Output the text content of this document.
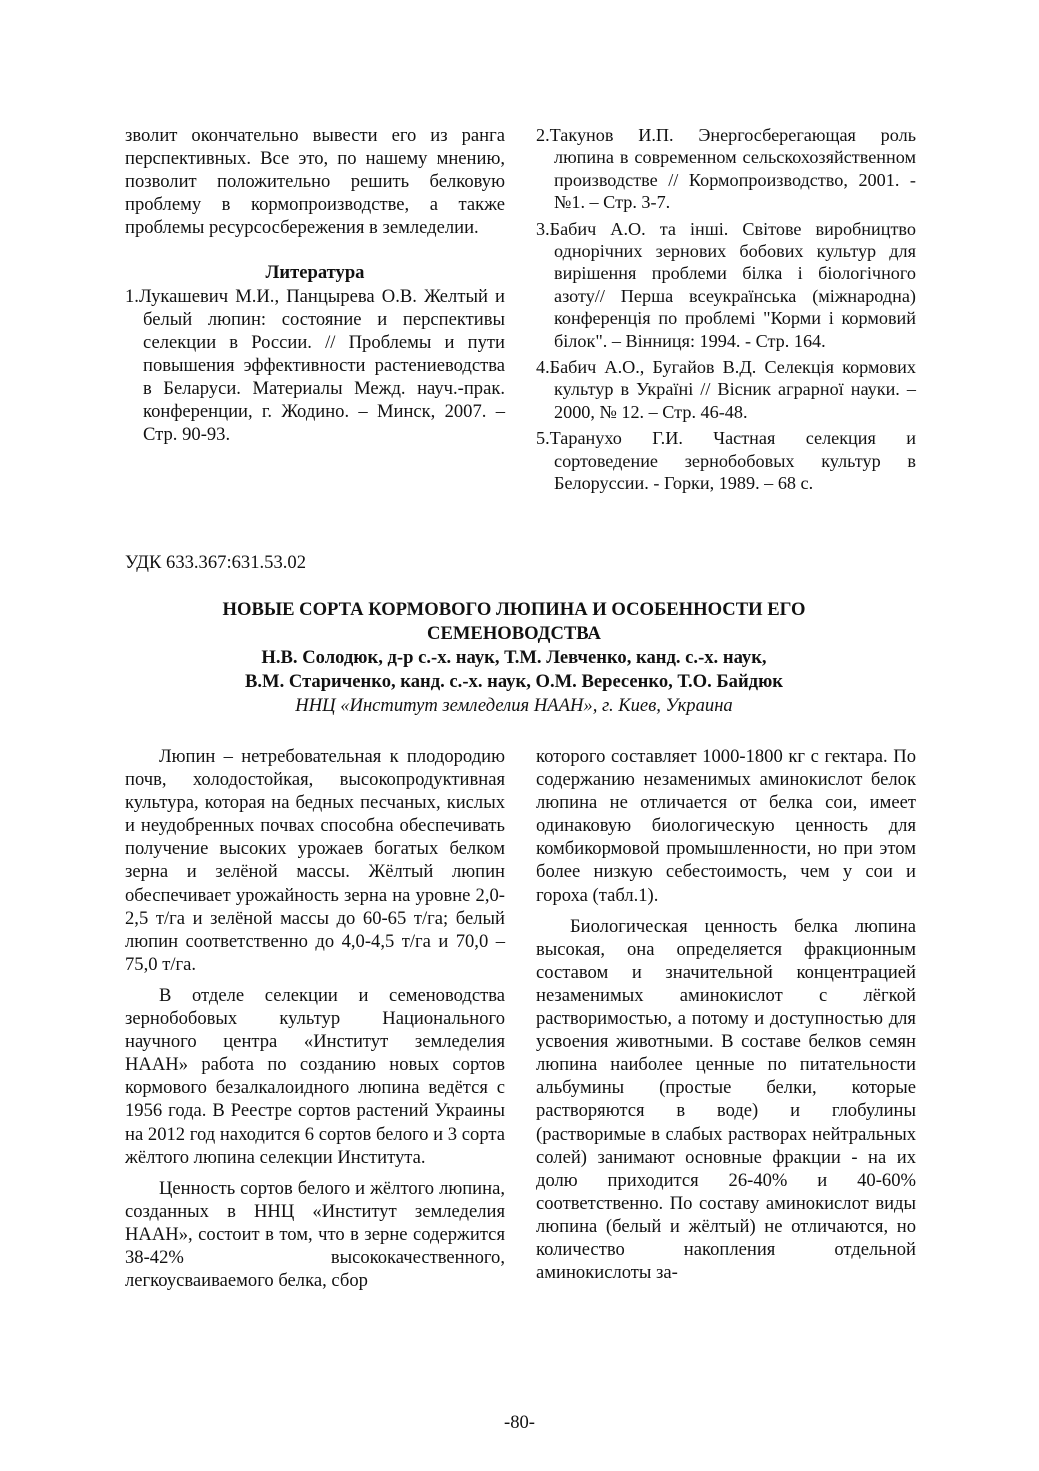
зволит окончательно вывести его из ранга перспективных. Все это, по нашему мнению, позволит положительно решить белковую проблему в кормопроизводстве, а также проблемы ресурсосбережения в земледелии.

Литература

1.Лукашевич М.И., Панцырева О.В. Желтый и белый люпин: состояние и перспективы селекции в России. // Проблемы и пути повышения эффективности растениеводства в Беларуси. Материалы Межд. науч.-прак. конференции, г. Жодино. – Минск, 2007. – Стр. 90-93.

2.Такунов И.П. Энергосберегающая роль люпина в современном сельскохозяйственном производстве // Кормопроизводство, 2001. - №1. – Стр. 3-7.

3.Бабич А.О. та інші. Світове виробництво однорічних зернових бобових культур для вирішення проблеми білка і біологічного азоту// Перша всеукраїнська (міжнародна) конференція по проблемі "Корми і кормовий білок". – Вінниця: 1994. - Стр. 164.

4.Бабич А.О., Бугайов В.Д. Селекція кормових культур в Україні // Вісник аграрної науки. – 2000, № 12. – Стр. 46-48.

5.Таранухо Г.И. Частная селекция и сортоведение зернобобовых культур в Белоруссии. - Горки, 1989. – 68 с.

УДК 633.367:631.53.02

НОВЫЕ СОРТА КОРМОВОГО ЛЮПИНА И ОСОБЕННОСТИ ЕГО

СЕМЕНОВОДСТВА

Н.В. Солодюк, д-р с.-х. наук, Т.М. Левченко, канд. с.-х. наук,

В.М. Стариченко, канд. с.-х. наук, О.М. Вересенко, Т.О. Байдюк

ННЦ «Институт земледелия НААН», г. Киев, Украина

Люпин – нетребовательная к плодородию почв, холодостойкая, высокопродуктивная культура, которая на бедных песчаных, кислых и неудобренных почвах способна обеспечивать получение высоких урожаев богатых белком зерна и зелёной массы. Жёлтый люпин обеспечивает урожайность зерна на уровне 2,0-2,5 т/га и зелёной массы до 60-65 т/га; белый люпин соответственно до 4,0-4,5 т/га и 70,0 – 75,0 т/га.

В отделе селекции и семеноводства зернобобовых культур Национального научного центра «Институт земледелия НААН» работа по созданию новых сортов кормового безалкалоидного люпина ведётся с 1956 года. В Реестре сортов растений Украины на 2012 год находится 6 сортов белого и 3 сорта жёлтого люпина селекции Института.

Ценность сортов белого и жёлтого люпина, созданных в ННЦ «Институт земледелия НААН», состоит в том, что в зерне содержится 38-42% высококачественного, легкоусваиваемого белка, сбор

которого составляет 1000-1800 кг с гектара. По содержанию незаменимых аминокислот белок люпина не отличается от белка сои, имеет одинаковую биологическую ценность для комбикормовой промышленности, но при этом более низкую себестоимость, чем у сои и гороха (табл.1).

Биологическая ценность белка люпина высокая, она определяется фракционным составом и значительной концентрацией незаменимых аминокислот с лёгкой растворимостью, а потому и доступностью для усвоения животными. В составе белков семян люпина наиболее ценные по питательности альбумины (простые белки, которые растворяются в воде) и глобулины (растворимые в слабых растворах нейтральных солей) занимают основные фракции - на их долю приходится 26-40% и 40-60% соответственно. По составу аминокислот виды люпина (белый и жёлтый) не отличаются, но количество накопления отдельной аминокислоты за-

-80-
